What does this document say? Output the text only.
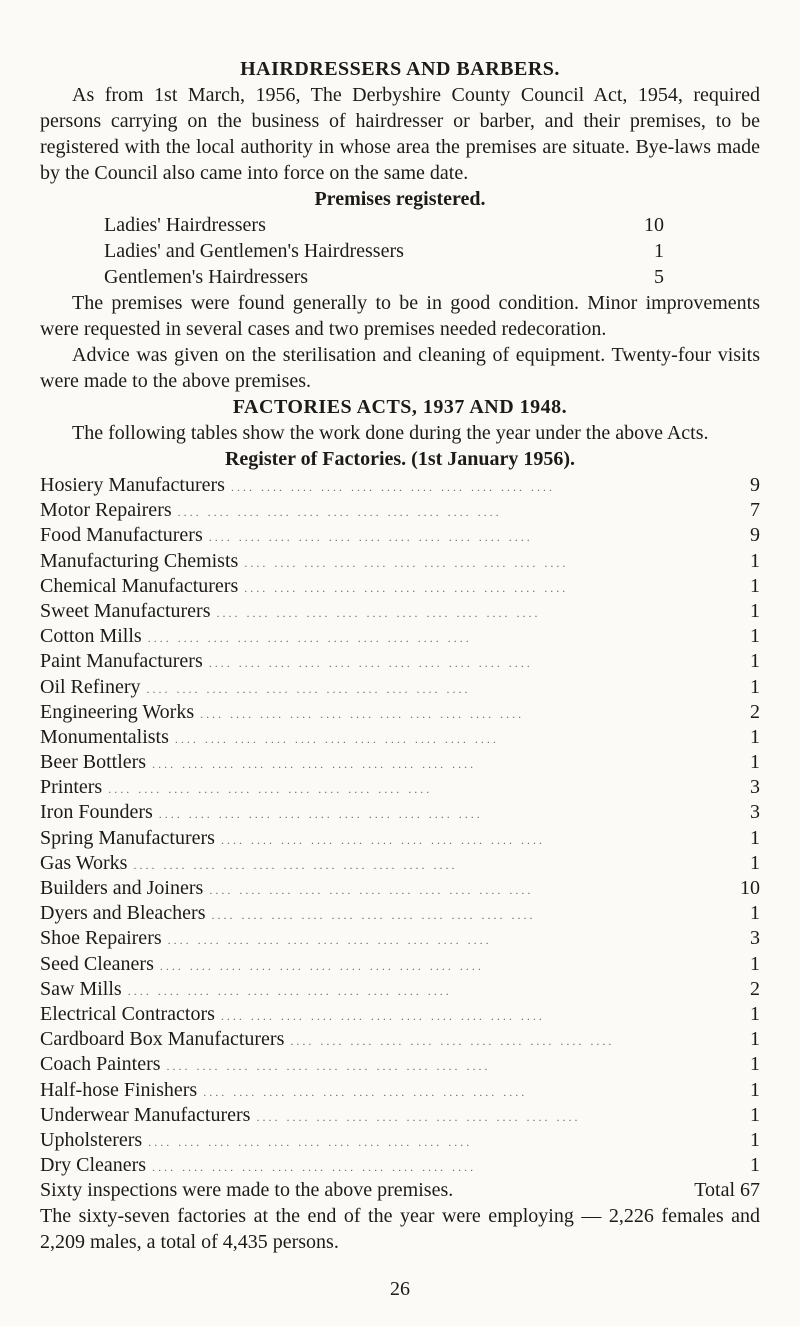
HAIRDRESSERS AND BARBERS.

As from 1st March, 1956, The Derbyshire County Council Act, 1954, required persons carrying on the business of hairdresser or barber, and their premises, to be registered with the local authority in whose area the premises are situate. Bye-laws made by the Council also came into force on the same date.

Premises registered.
Ladies' Hairdressers	10
Ladies' and Gentlemen's Hairdressers	1
Gentlemen's Hairdressers	5

The premises were found generally to be in good condition. Minor improvements were requested in several cases and two premises needed redecoration.

Advice was given on the sterilisation and cleaning of equipment. Twenty-four visits were made to the above premises.

FACTORIES ACTS, 1937 AND 1948.

The following tables show the work done during the year under the above Acts.

Register of Factories. (1st January 1956).
Hosiery Manufacturers .... .... .... .... .... .... .... .... .... .... ....	9
Motor Repairers .... .... .... .... .... .... .... .... .... .... ....	7
Food Manufacturers .... .... .... .... .... .... .... .... .... .... ....	9
Manufacturing Chemists .... .... .... .... .... .... .... .... .... .... ....	1
Chemical Manufacturers .... .... .... .... .... .... .... .... .... .... ....	1
Sweet Manufacturers .... .... .... .... .... .... .... .... .... .... ....	1
Cotton Mills .... .... .... .... .... .... .... .... .... .... ....	1
Paint Manufacturers .... .... .... .... .... .... .... .... .... .... ....	1
Oil Refinery .... .... .... .... .... .... .... .... .... .... ....	1
Engineering Works .... .... .... .... .... .... .... .... .... .... ....	2
Monumentalists .... .... .... .... .... .... .... .... .... .... ....	1
Beer Bottlers .... .... .... .... .... .... .... .... .... .... ....	1
Printers .... .... .... .... .... .... .... .... .... .... ....	3
Iron Founders .... .... .... .... .... .... .... .... .... .... ....	3
Spring Manufacturers .... .... .... .... .... .... .... .... .... .... ....	1
Gas Works .... .... .... .... .... .... .... .... .... .... ....	1
Builders and Joiners .... .... .... .... .... .... .... .... .... .... ....	10
Dyers and Bleachers .... .... .... .... .... .... .... .... .... .... ....	1
Shoe Repairers .... .... .... .... .... .... .... .... .... .... ....	3
Seed Cleaners .... .... .... .... .... .... .... .... .... .... ....	1
Saw Mills .... .... .... .... .... .... .... .... .... .... ....	2
Electrical Contractors .... .... .... .... .... .... .... .... .... .... ....	1
Cardboard Box Manufacturers .... .... .... .... .... .... .... .... .... .... ....	1
Coach Painters .... .... .... .... .... .... .... .... .... .... ....	1
Half-hose Finishers .... .... .... .... .... .... .... .... .... .... ....	1
Underwear Manufacturers .... .... .... .... .... .... .... .... .... .... ....	1
Upholsterers .... .... .... .... .... .... .... .... .... .... ....	1
Dry Cleaners .... .... .... .... .... .... .... .... .... .... ....	1
Sixty inspections were made to the above premises.	Total 67

The sixty-seven factories at the end of the year were employing — 2,226 females and 2,209 males, a total of 4,435 persons.

26
